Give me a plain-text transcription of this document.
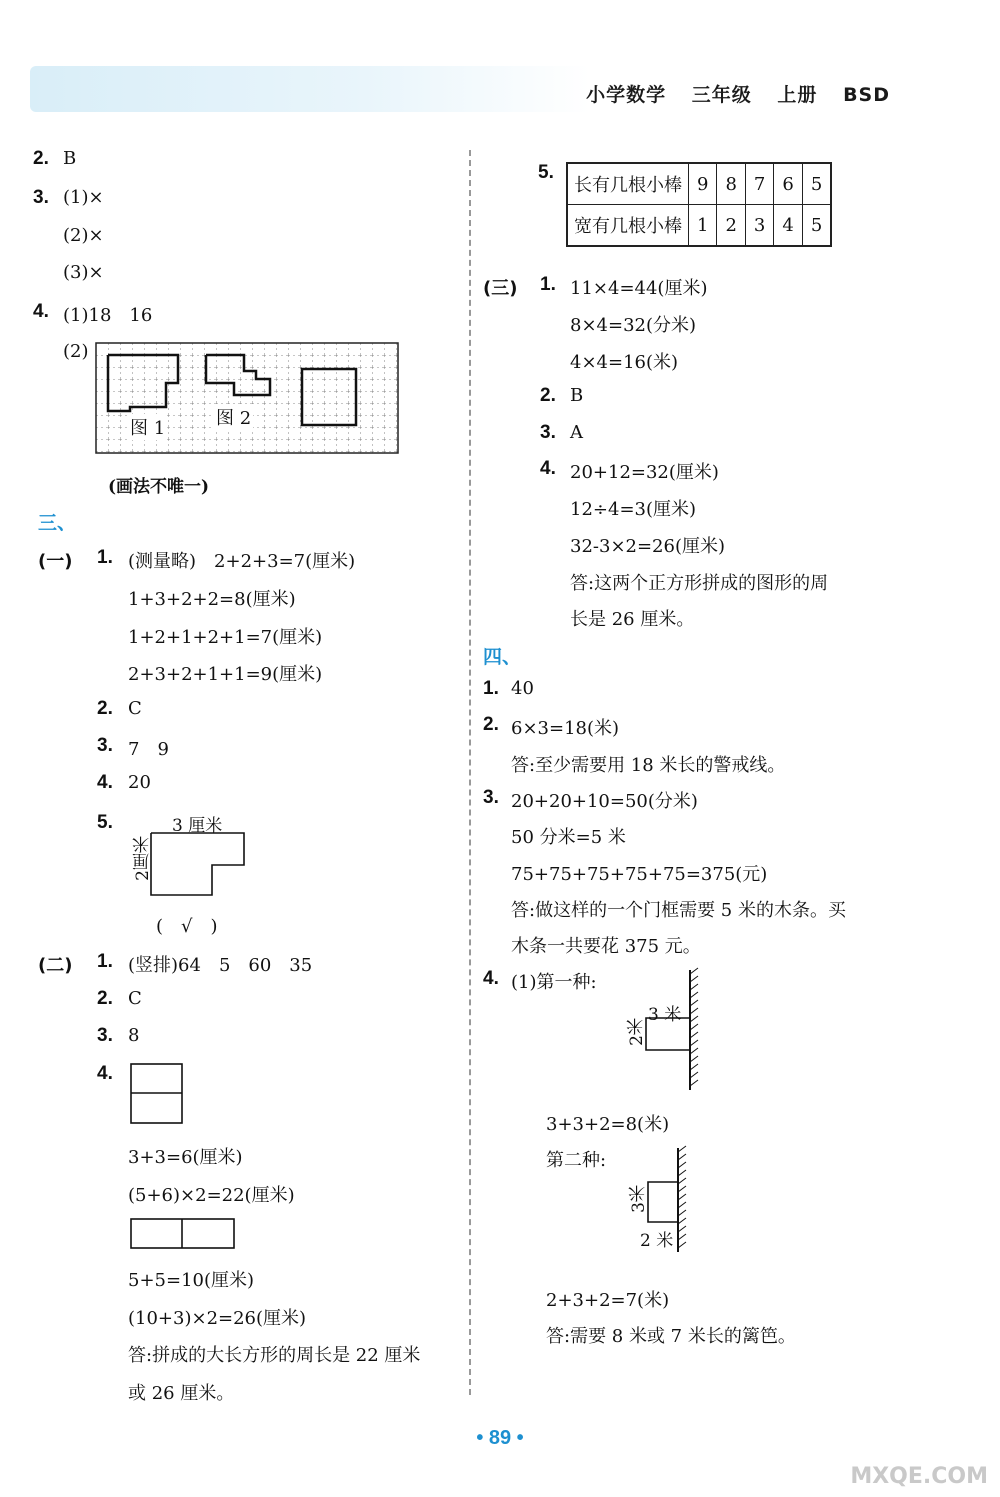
小学数学 三年级 上册 BSD
2. B
3. (1)×
(2)×
(3)×
4. (1)18　16
(2)
图 1	图 2
(画法不唯一)
三、
(一) 1. (测量略)　2+2+3=7(厘米)
1+3+2+2=8(厘米)
1+2+1+2+1=7(厘米)
2+3+2+1+1=9(厘米)
2. C
3. 7　9
4. 20
5.	3 厘米
2厘米
(　√　)
(二) 1. (竖排)64　5　60　35
2. C
3. 8
4.
3+3=6(厘米)
(5+6)×2=22(厘米)
5+5=10(厘米)
(10+3)×2=26(厘米)
答:拼成的大长方形的周长是 22 厘米
或 26 厘米。
5.
长有几根小棒	9	8	7	6	5
宽有几根小棒	1	2	3	4	5
(三) 1. 11×4=44(厘米)
8×4=32(分米)
4×4=16(米)
2. B
3. A
4. 20+12=32(厘米)
12÷4=3(厘米)
32-3×2=26(厘米)
答:这两个正方形拼成的图形的周
长是 26 厘米。
四、
1. 40
2. 6×3=18(米)
答:至少需要用 18 米长的警戒线。
3. 20+20+10=50(分米)
50 分米=5 米
75+75+75+75+75=375(元)
答:做这样的一个门框需要 5 米的木条。买
木条一共要花 375 元。
4. (1)第一种:
3 米
2米
3+3+2=8(米)
第二种:
3米
2 米
2+3+2=7(米)
答:需要 8 米或 7 米长的篱笆。
• 89 •
MXQE.COM
